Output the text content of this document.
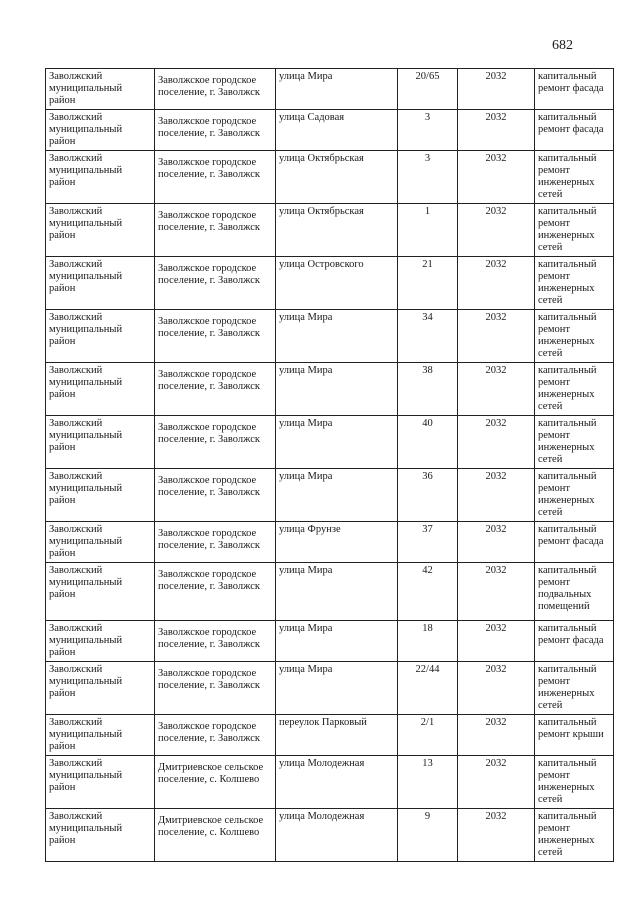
682
Заволжский муниципальный район	Заволжское городское поселение, г. Заволжск	улица Мира	20/65	2032	капитальный ремонт фасада
Заволжский муниципальный район	Заволжское городское поселение, г. Заволжск	улица Садовая	3	2032	капитальный ремонт фасада
Заволжский муниципальный район	Заволжское городское поселение, г. Заволжск	улица Октябрьская	3	2032	капитальный ремонт инженерных сетей
Заволжский муниципальный район	Заволжское городское поселение, г. Заволжск	улица Октябрьская	1	2032	капитальный ремонт инженерных сетей
Заволжский муниципальный район	Заволжское городское поселение, г. Заволжск	улица Островского	21	2032	капитальный ремонт инженерных сетей
Заволжский муниципальный район	Заволжское городское поселение, г. Заволжск	улица Мира	34	2032	капитальный ремонт инженерных сетей
Заволжский муниципальный район	Заволжское городское поселение, г. Заволжск	улица Мира	38	2032	капитальный ремонт инженерных сетей
Заволжский муниципальный район	Заволжское городское поселение, г. Заволжск	улица Мира	40	2032	капитальный ремонт инженерных сетей
Заволжский муниципальный район	Заволжское городское поселение, г. Заволжск	улица Мира	36	2032	капитальный ремонт инженерных сетей
Заволжский муниципальный район	Заволжское городское поселение, г. Заволжск	улица Фрунзе	37	2032	капитальный ремонт фасада
Заволжский муниципальный район	Заволжское городское поселение, г. Заволжск	улица Мира	42	2032	капитальный ремонт подвальных помещений
Заволжский муниципальный район	Заволжское городское поселение, г. Заволжск	улица Мира	18	2032	капитальный ремонт фасада
Заволжский муниципальный район	Заволжское городское поселение, г. Заволжск	улица Мира	22/44	2032	капитальный ремонт инженерных сетей
Заволжский муниципальный район	Заволжское городское поселение, г. Заволжск	переулок Парковый	2/1	2032	капитальный ремонт крыши
Заволжский муниципальный район	Дмитриевское сельское поселение, с. Колшево	улица Молодежная	13	2032	капитальный ремонт инженерных сетей
Заволжский муниципальный район	Дмитриевское сельское поселение, с. Колшево	улица Молодежная	9	2032	капитальный ремонт инженерных сетей
